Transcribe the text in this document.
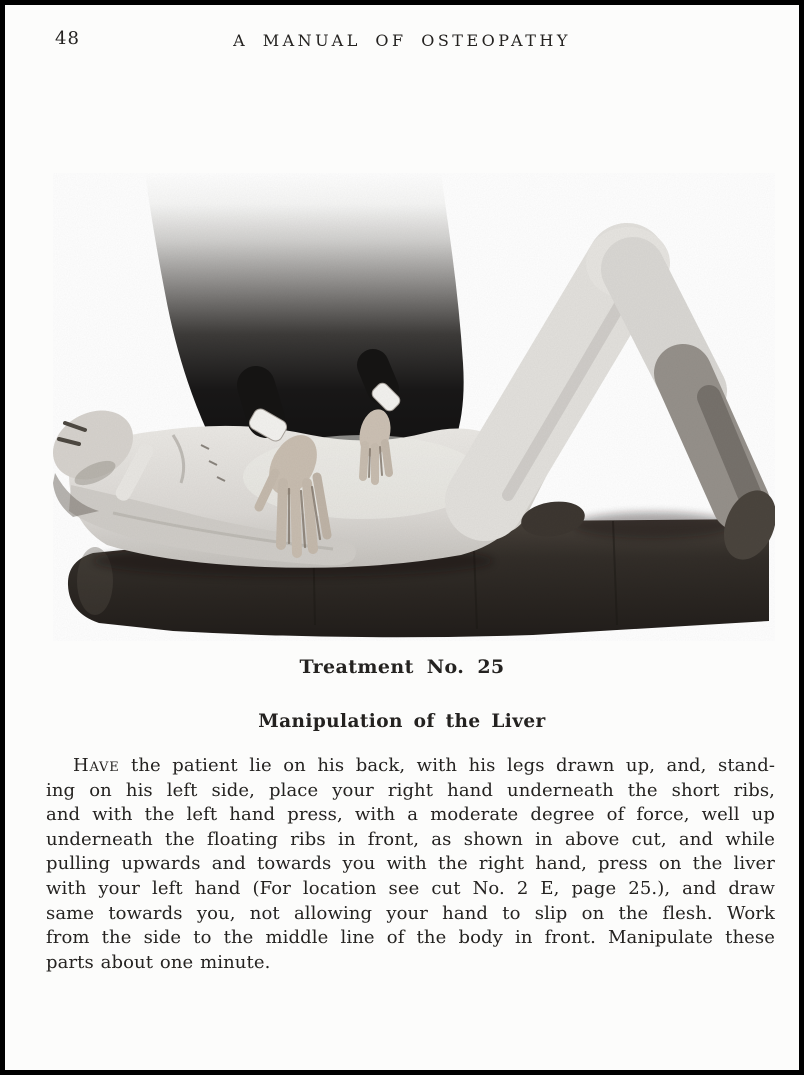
48	A MANUAL OF OSTEOPATHY
Treatment No. 25
Manipulation of the Liver
Have the patient lie on his back, with his legs drawn up, and, stand-
ing on his left side, place your right hand underneath the short ribs,
and with the left hand press, with a moderate degree of force, well up
underneath the floating ribs in front, as shown in above cut, and while
pulling upwards and towards you with the right hand, press on the liver
with your left hand (For location see cut No. 2 E, page 25.), and draw
same towards you, not allowing your hand to slip on the flesh. Work
from the side to the middle line of the body in front. Manipulate these
parts about one minute.
